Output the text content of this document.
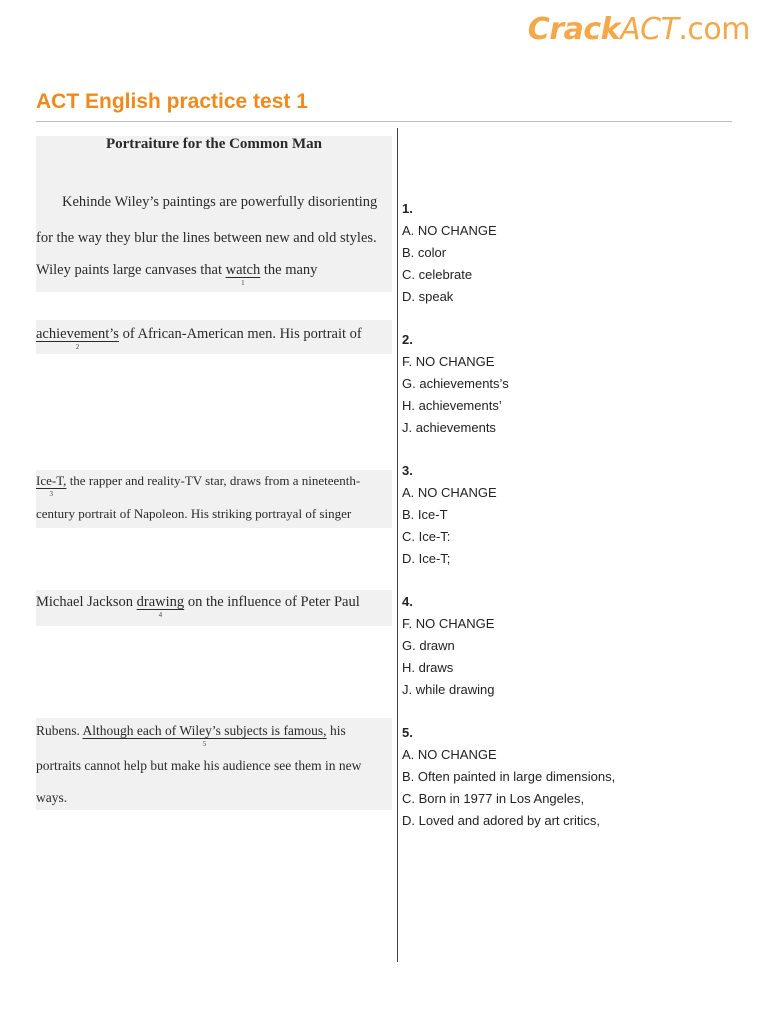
CrackACT.com
ACT English practice test 1
Portraiture for the Common Man
Kehinde Wiley’s paintings are powerfully disorienting
for the way they blur the lines between new and old styles.
Wiley paints large canvases that watch
1
the many
achievement’s
2
of African-American men. His portrait of
Ice-T,
3
the rapper and reality-TV star, draws from a nineteenth-
century portrait of Napoleon. His striking portrayal of singer
Michael Jackson drawing
4
on the influence of Peter Paul
Rubens. Although each of Wiley’s subjects is famous,
5
his
portraits cannot help but make his audience see them in new
ways.
1.
A. NO CHANGE
B. color
C. celebrate
D. speak
2.
F. NO CHANGE
G. achievements’s
H. achievements’
J. achievements
3.
A. NO CHANGE
B. Ice-T
C. Ice-T:
D. Ice-T;
4.
F. NO CHANGE
G. drawn
H. draws
J. while drawing
5.
A. NO CHANGE
B. Often painted in large dimensions,
C. Born in 1977 in Los Angeles,
D. Loved and adored by art critics,
